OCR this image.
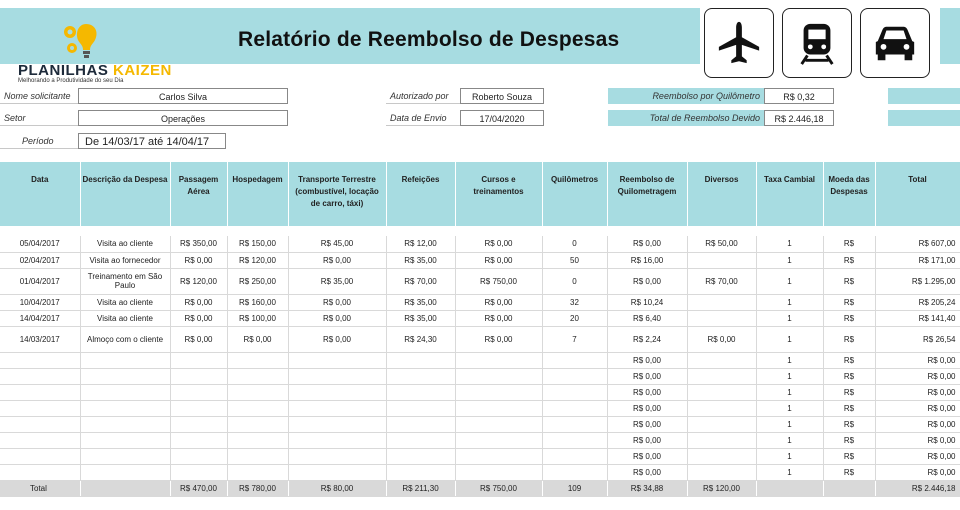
PLANILHAS KAIZEN
Melhorando a Produtividade do seu Dia
Relatório de Reembolso de Despesas
Nome solicitante	Carlos Silva
Setor	Operações
Período	De 14/03/17 até 14/04/17
Autorizado por	Roberto Souza
Data de Envio	17/04/2020
Reembolso por Quilômetro	R$ 0,32
Total de Reembolso Devido	R$ 2.446,18
Data	Descrição da Despesa	Passagem Aérea	Hospedagem	Transporte Terrestre (combustível, locação de carro, táxi)	Refeições	Cursos e treinamentos	Quilômetros	Reembolso de Quilometragem	Diversos	Taxa Cambial	Moeda das Despesas	Total

05/04/2017	Visita ao cliente	R$ 350,00	R$ 150,00	R$ 45,00	R$ 12,00	R$ 0,00	0	R$ 0,00	R$ 50,00	1	R$	R$ 607,00
02/04/2017	Visita ao fornecedor	R$ 0,00	R$ 120,00	R$ 0,00	R$ 35,00	R$ 0,00	50	R$ 16,00		1	R$	R$ 171,00
01/04/2017	Treinamento em São Paulo	R$ 120,00	R$ 250,00	R$ 35,00	R$ 70,00	R$ 750,00	0	R$ 0,00	R$ 70,00	1	R$	R$ 1.295,00
10/04/2017	Visita ao cliente	R$ 0,00	R$ 160,00	R$ 0,00	R$ 35,00	R$ 0,00	32	R$ 10,24		1	R$	R$ 205,24
14/04/2017	Visita ao cliente	R$ 0,00	R$ 100,00	R$ 0,00	R$ 35,00	R$ 0,00	20	R$ 6,40		1	R$	R$ 141,40
14/03/2017	Almoço com o cliente	R$ 0,00	R$ 0,00	R$ 0,00	R$ 24,30	R$ 0,00	7	R$ 2,24	R$ 0,00	1	R$	R$ 26,54
								R$ 0,00		1	R$	R$ 0,00
								R$ 0,00		1	R$	R$ 0,00
								R$ 0,00		1	R$	R$ 0,00
								R$ 0,00		1	R$	R$ 0,00
								R$ 0,00		1	R$	R$ 0,00
								R$ 0,00		1	R$	R$ 0,00
								R$ 0,00		1	R$	R$ 0,00
								R$ 0,00		1	R$	R$ 0,00
Total		R$ 470,00	R$ 780,00	R$ 80,00	R$ 211,30	R$ 750,00	109	R$ 34,88	R$ 120,00			R$ 2.446,18
